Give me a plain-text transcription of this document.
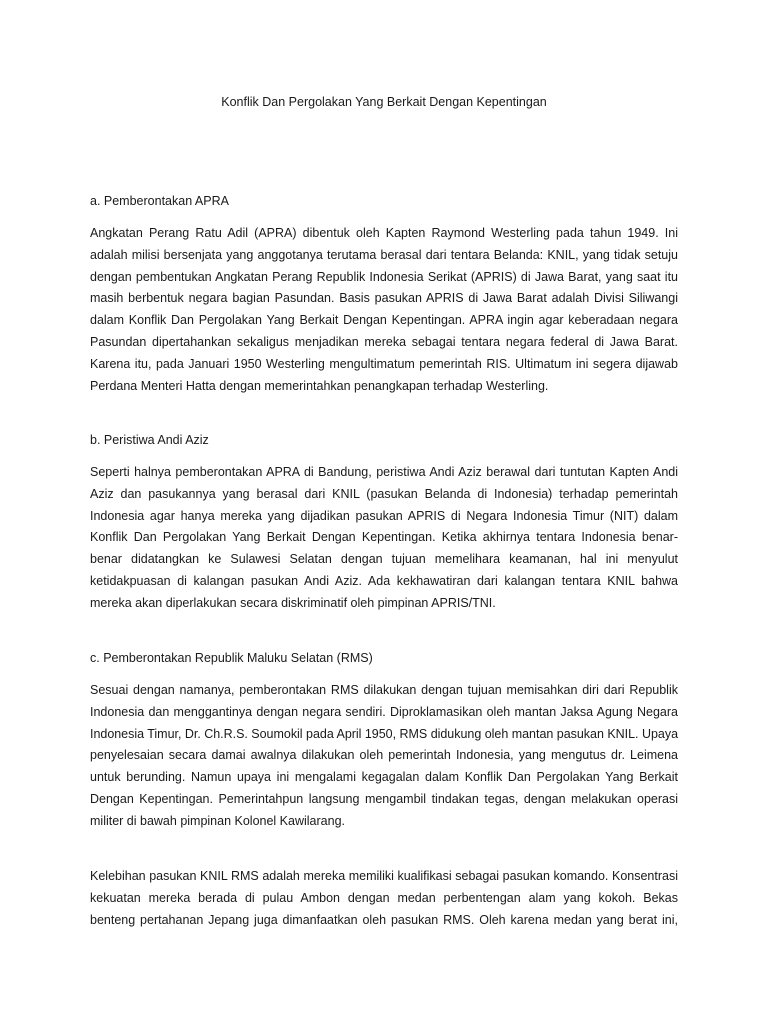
Konflik Dan Pergolakan Yang Berkait Dengan Kepentingan
a. Pemberontakan APRA
Angkatan Perang Ratu Adil (APRA) dibentuk oleh Kapten Raymond Westerling pada tahun 1949. Ini
adalah milisi bersenjata yang anggotanya terutama berasal dari tentara Belanda: KNIL, yang tidak setuju
dengan pembentukan Angkatan Perang Republik Indonesia Serikat (APRIS) di Jawa Barat, yang saat itu
masih berbentuk negara bagian Pasundan. Basis pasukan APRIS di Jawa Barat adalah Divisi Siliwangi
dalam Konflik Dan Pergolakan Yang Berkait Dengan Kepentingan. APRA ingin agar keberadaan negara
Pasundan dipertahankan sekaligus menjadikan mereka sebagai tentara negara federal di Jawa Barat.
Karena itu, pada Januari 1950 Westerling mengultimatum pemerintah RIS. Ultimatum ini segera dijawab
Perdana Menteri Hatta dengan memerintahkan penangkapan terhadap Westerling.
b. Peristiwa Andi Aziz
Seperti halnya pemberontakan APRA di Bandung, peristiwa Andi Aziz berawal dari tuntutan Kapten Andi
Aziz dan pasukannya yang berasal dari KNIL (pasukan Belanda di Indonesia) terhadap pemerintah
Indonesia agar hanya mereka yang dijadikan pasukan APRIS di Negara Indonesia Timur (NIT) dalam
Konflik Dan Pergolakan Yang Berkait Dengan Kepentingan. Ketika akhirnya tentara Indonesia benar-
benar didatangkan ke Sulawesi Selatan dengan tujuan memelihara keamanan, hal ini menyulut
ketidakpuasan di kalangan pasukan Andi Aziz. Ada kekhawatiran dari kalangan tentara KNIL bahwa
mereka akan diperlakukan secara diskriminatif oleh pimpinan APRIS/TNI.
c. Pemberontakan Republik Maluku Selatan (RMS)
Sesuai dengan namanya, pemberontakan RMS dilakukan dengan tujuan memisahkan diri dari Republik
Indonesia dan menggantinya dengan negara sendiri. Diproklamasikan oleh mantan Jaksa Agung Negara
Indonesia Timur, Dr. Ch.R.S. Soumokil pada April 1950, RMS didukung oleh mantan pasukan KNIL. Upaya
penyelesaian secara damai awalnya dilakukan oleh pemerintah Indonesia, yang mengutus dr. Leimena
untuk berunding. Namun upaya ini mengalami kegagalan dalam Konflik Dan Pergolakan Yang Berkait
Dengan Kepentingan. Pemerintahpun langsung mengambil tindakan tegas, dengan melakukan operasi
militer di bawah pimpinan Kolonel Kawilarang.
Kelebihan pasukan KNIL RMS adalah mereka memiliki kualifikasi sebagai pasukan komando. Konsentrasi
kekuatan mereka berada di pulau Ambon dengan medan perbentengan alam yang kokoh. Bekas
benteng pertahanan Jepang juga dimanfaatkan oleh pasukan RMS. Oleh karena medan yang berat ini,
